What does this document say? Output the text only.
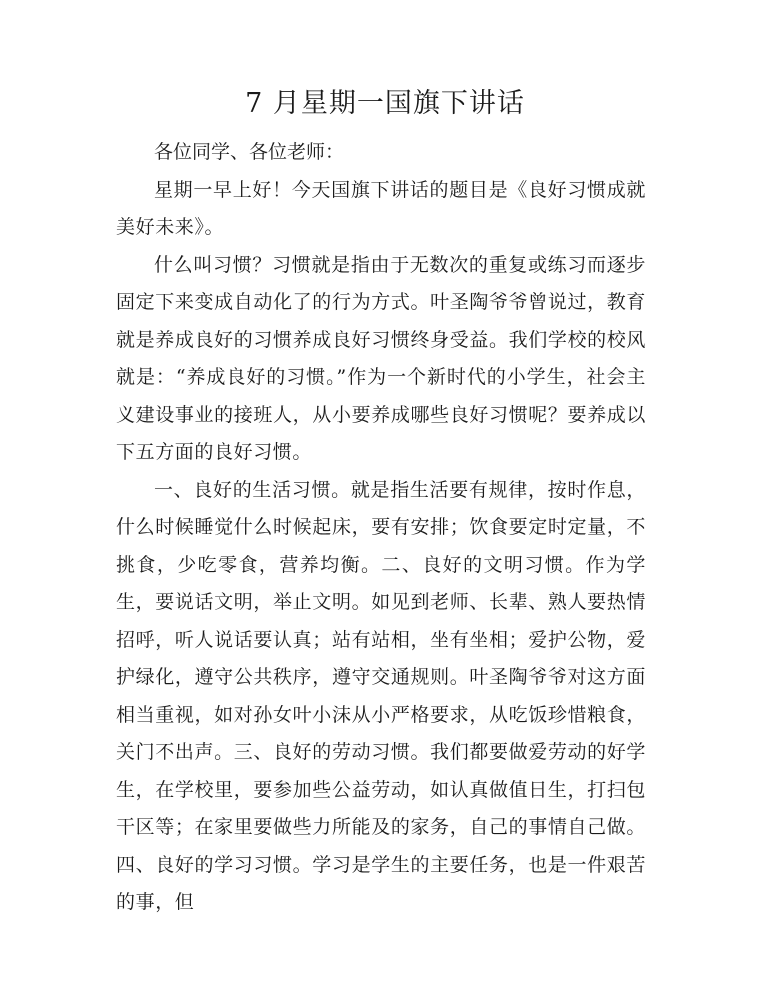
7 月星期一国旗下讲话

各位同学、各位老师：

星期一早上好！今天国旗下讲话的题目是《良好习惯成就美好未来》。

什么叫习惯？习惯就是指由于无数次的重复或练习而逐步固定下来变成自动化了的行为方式。叶圣陶爷爷曾说过，教育就是养成良好的习惯养成良好习惯终身受益。我们学校的校风就是：“养成良好的习惯。”作为一个新时代的小学生，社会主义建设事业的接班人，从小要养成哪些良好习惯呢？要养成以下五方面的良好习惯。

一、良好的生活习惯。就是指生活要有规律，按时作息，什么时候睡觉什么时候起床，要有安排；饮食要定时定量，不挑食，少吃零食，营养均衡。二、良好的文明习惯。作为学生，要说话文明，举止文明。如见到老师、长辈、熟人要热情招呼，听人说话要认真；站有站相，坐有坐相；爱护公物，爱护绿化，遵守公共秩序，遵守交通规则。叶圣陶爷爷对这方面相当重视，如对孙女叶小沫从小严格要求，从吃饭珍惜粮食，关门不出声。三、良好的劳动习惯。我们都要做爱劳动的好学生，在学校里，要参加些公益劳动，如认真做值日生，打扫包干区等；在家里要做些力所能及的家务，自己的事情自己做。四、良好的学习习惯。学习是学生的主要任务，也是一件艰苦的事，但
